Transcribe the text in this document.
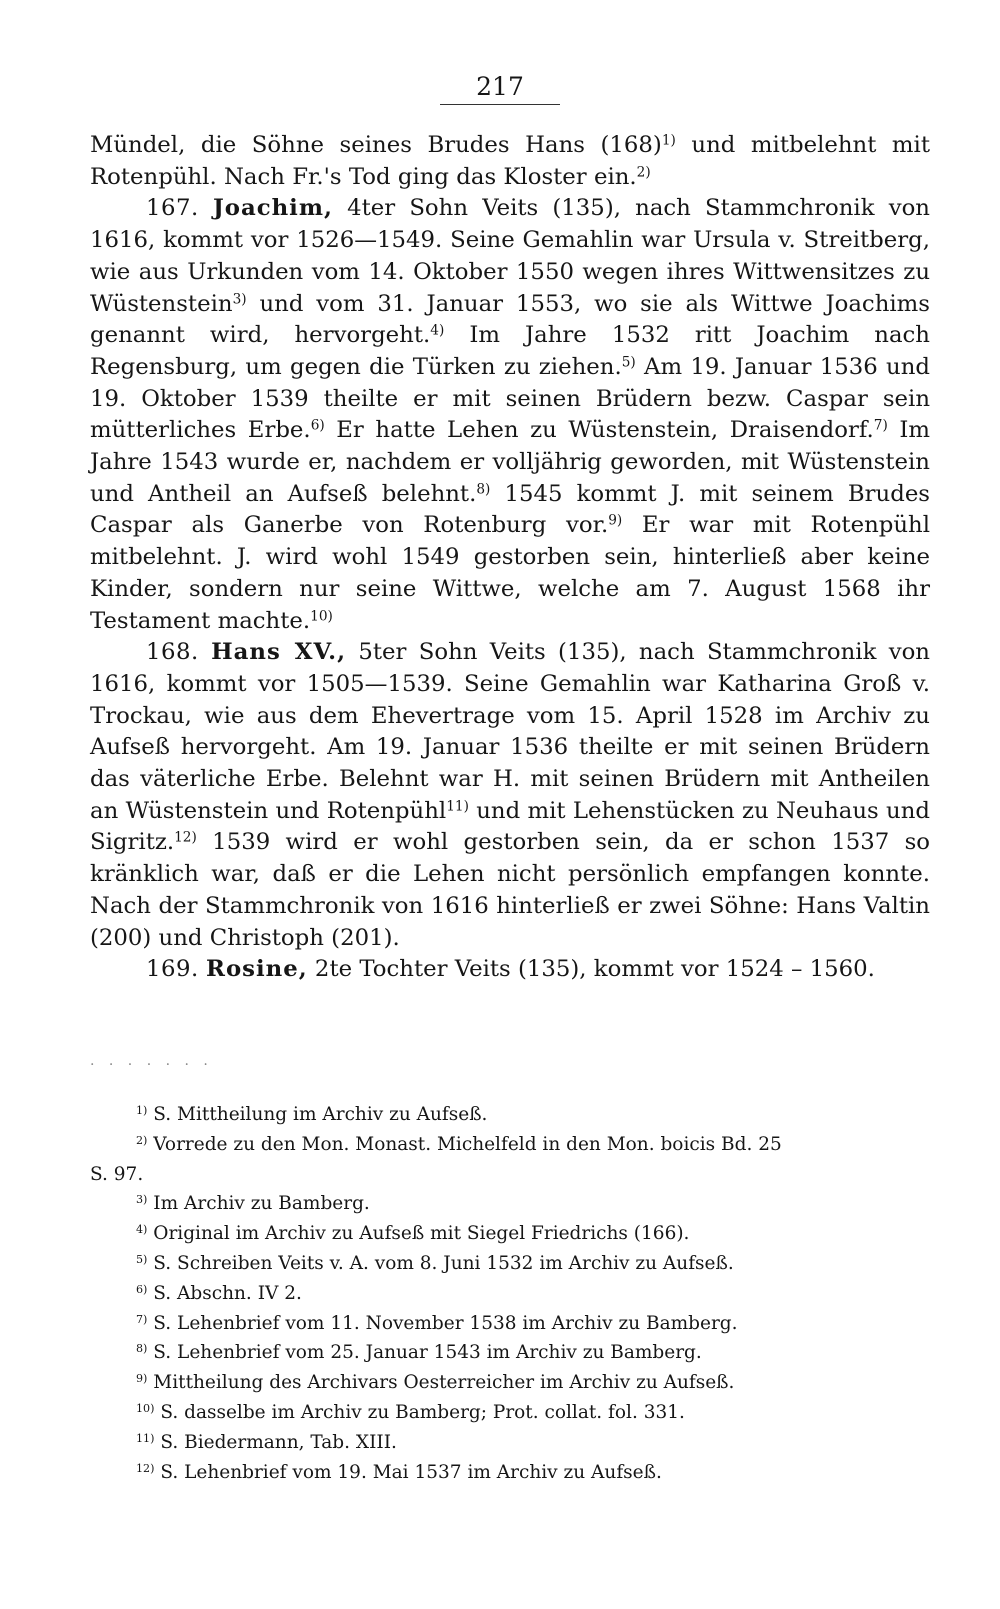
217

Mündel, die Söhne seines Brudes Hans $(168)^{1)}$ und mitbelehnt mit Rotenpühl. Nach Fr.'s Tod ging das Kloster ein.$^{2)}$

167. Joachim, 4ter Sohn Veits (135), nach Stammchronik von 1616, kommt vor 1526—1549. Seine Gemahlin war Ursula v. Streitberg, wie aus Urkunden vom 14. Oktober 1550 wegen ihres Wittwensitzes zu Wüstenstein$^{3)}$ und vom 31. Januar 1553, wo sie als Wittwe Joachims genannt wird, hervorgeht.$^{4)}$ Im Jahre 1532 ritt Joachim nach Regensburg, um gegen die Türken zu ziehen.$^{5)}$ Am 19. Januar 1536 und 19. Oktober 1539 theilte er mit seinen Brüdern bezw. Caspar sein mütterliches Erbe.$^{6)}$ Er hatte Lehen zu Wüstenstein, Draisendorf.$^{7)}$ Im Jahre 1543 wurde er, nachdem er volljährig geworden, mit Wüstenstein und Antheil an Aufseß belehnt.$^{8)}$ 1545 kommt J. mit seinem Brudes Caspar als Ganerbe von Rotenburg vor.$^{9)}$ Er war mit Rotenpühl mitbelehnt. J. wird wohl 1549 gestorben sein, hinterließ aber keine Kinder, sondern nur seine Wittwe, welche am 7. August 1568 ihr Testament machte.$^{10)}$

168. Hans XV., 5ter Sohn Veits (135), nach Stammchronik von 1616, kommt vor 1505—1539. Seine Gemahlin war Katharina Groß v. Trockau, wie aus dem Ehevertrage vom 15. April 1528 im Archiv zu Aufseß hervorgeht. Am 19. Januar 1536 theilte er mit seinen Brüdern das väterliche Erbe. Belehnt war H. mit seinen Brüdern mit Antheilen an Wüstenstein und Rotenpühl$^{11)}$ und mit Lehenstücken zu Neuhaus und Sigritz.$^{12)}$ 1539 wird er wohl gestorben sein, da er schon 1537 so kränklich war, daß er die Lehen nicht persönlich empfangen konnte. Nach der Stammchronik von 1616 hinterließ er zwei Söhne: Hans Valtin (200) und Christoph (201).

169. Rosine, 2te Tochter Veits (135), kommt vor 1524 – 1560.

. . . . . . .

$^{1)}$ S. Mittheilung im Archiv zu Aufseß.

$^{2)}$ Vorrede zu den Mon. Monast. Michelfeld in den Mon. boicis Bd. 25

S. 97.

$^{3)}$ Im Archiv zu Bamberg.

$^{4)}$ Original im Archiv zu Aufseß mit Siegel Friedrichs (166).

$^{5)}$ S. Schreiben Veits v. A. vom 8. Juni 1532 im Archiv zu Aufseß.

$^{6)}$ S. Abschn. IV 2.

$^{7)}$ S. Lehenbrief vom 11. November 1538 im Archiv zu Bamberg.

$^{8)}$ S. Lehenbrief vom 25. Januar 1543 im Archiv zu Bamberg.

$^{9)}$ Mittheilung des Archivars Oesterreicher im Archiv zu Aufseß.

$^{10)}$ S. dasselbe im Archiv zu Bamberg; Prot. collat. fol. 331.

$^{11)}$ S. Biedermann, Tab. XIII.

$^{12)}$ S. Lehenbrief vom 19. Mai 1537 im Archiv zu Aufseß.
